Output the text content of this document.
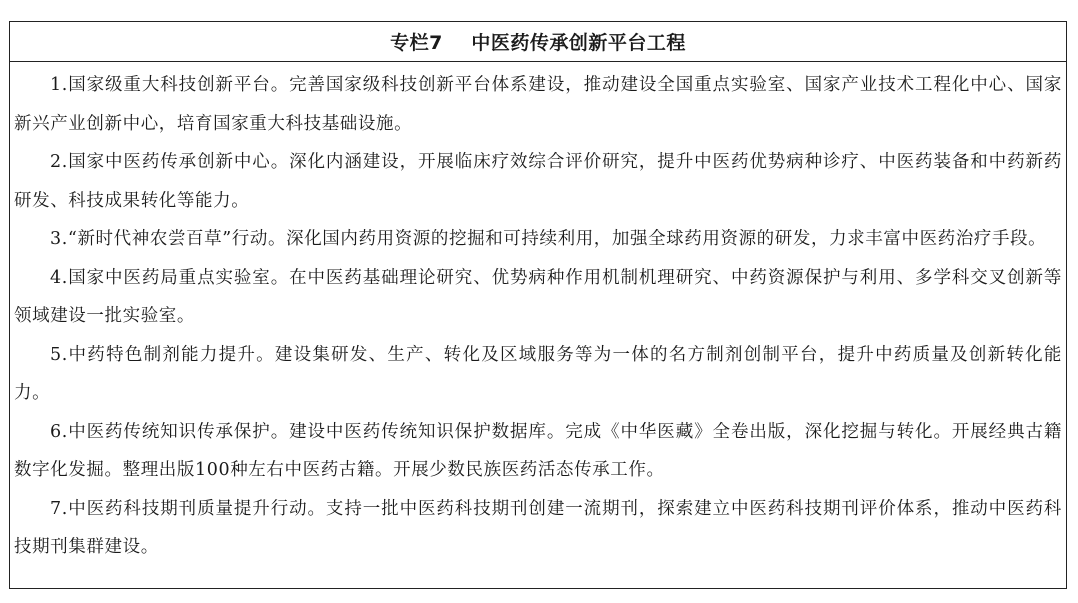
专栏7    中医药传承创新平台工程

1.国家级重大科技创新平台。完善国家级科技创新平台体系建设，推动建设全国重点实验室、国家产业技术工程化中心、国家新兴产业创新中心，培育国家重大科技基础设施。

2.国家中医药传承创新中心。深化内涵建设，开展临床疗效综合评价研究，提升中医药优势病种诊疗、中医药装备和中药新药研发、科技成果转化等能力。

3.“新时代神农尝百草”行动。深化国内药用资源的挖掘和可持续利用，加强全球药用资源的研发，力求丰富中医药治疗手段。

4.国家中医药局重点实验室。在中医药基础理论研究、优势病种作用机制机理研究、中药资源保护与利用、多学科交叉创新等领域建设一批实验室。

5.中药特色制剂能力提升。建设集研发、生产、转化及区域服务等为一体的名方制剂创制平台，提升中药质量及创新转化能力。

6.中医药传统知识传承保护。建设中医药传统知识保护数据库。完成《中华医藏》全卷出版，深化挖掘与转化。开展经典古籍数字化发掘。整理出版100种左右中医药古籍。开展少数民族医药活态传承工作。

7.中医药科技期刊质量提升行动。支持一批中医药科技期刊创建一流期刊，探索建立中医药科技期刊评价体系，推动中医药科技期刊集群建设。
